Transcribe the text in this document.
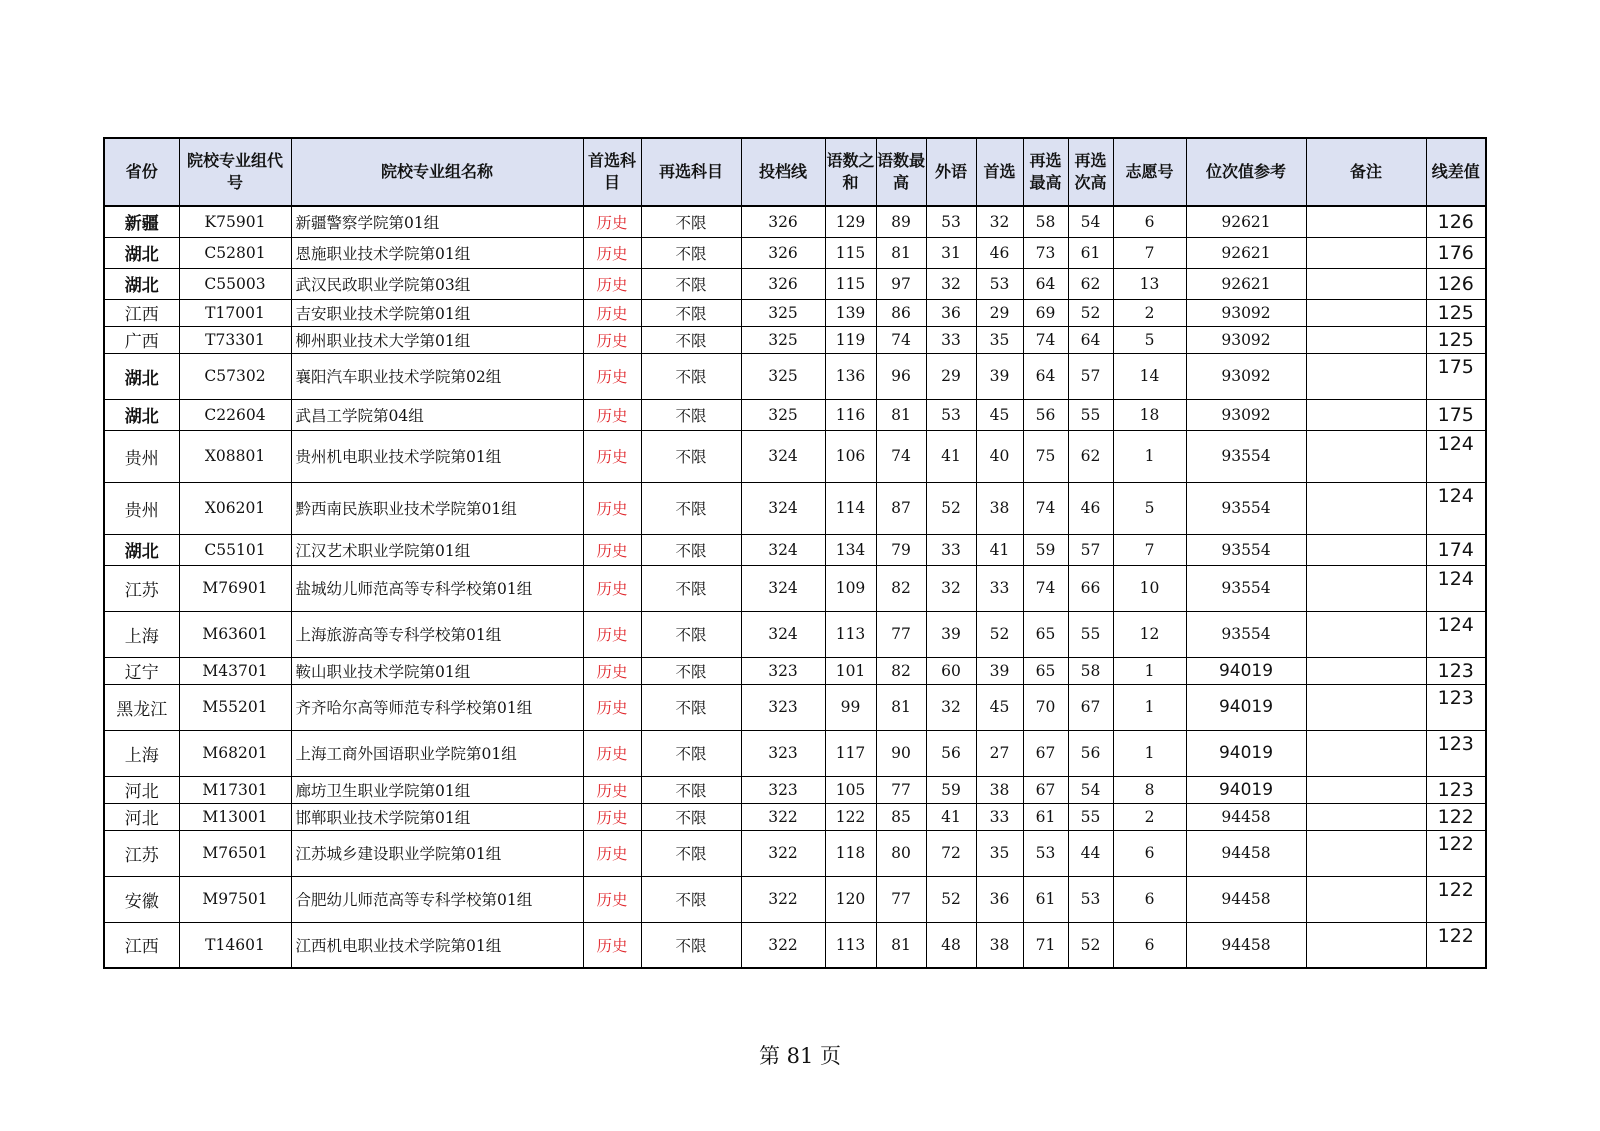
省份	院校专业组代号	院校专业组名称	首选科目	再选科目	投档线	语数之和	语数最高	外语	首选	再选最高	再选次高	志愿号	位次值参考	备注	线差值
新疆	K75901	新疆警察学院第01组	历史	不限	326	129	89	53	32	58	54	6	92621		126
湖北	C52801	恩施职业技术学院第01组	历史	不限	326	115	81	31	46	73	61	7	92621		176
湖北	C55003	武汉民政职业学院第03组	历史	不限	326	115	97	32	53	64	62	13	92621		126
江西	T17001	吉安职业技术学院第01组	历史	不限	325	139	86	36	29	69	52	2	93092		125
广西	T73301	柳州职业技术大学第01组	历史	不限	325	119	74	33	35	74	64	5	93092		125
湖北	C57302	襄阳汽车职业技术学院第02组	历史	不限	325	136	96	29	39	64	57	14	93092		175
湖北	C22604	武昌工学院第04组	历史	不限	325	116	81	53	45	56	55	18	93092		175
贵州	X08801	贵州机电职业技术学院第01组	历史	不限	324	106	74	41	40	75	62	1	93554		124
贵州	X06201	黔西南民族职业技术学院第01组	历史	不限	324	114	87	52	38	74	46	5	93554		124
湖北	C55101	江汉艺术职业学院第01组	历史	不限	324	134	79	33	41	59	57	7	93554		174
江苏	M76901	盐城幼儿师范高等专科学校第01组	历史	不限	324	109	82	32	33	74	66	10	93554		124
上海	M63601	上海旅游高等专科学校第01组	历史	不限	324	113	77	39	52	65	55	12	93554		124
辽宁	M43701	鞍山职业技术学院第01组	历史	不限	323	101	82	60	39	65	58	1	94019		123
黑龙江	M55201	齐齐哈尔高等师范专科学校第01组	历史	不限	323	99	81	32	45	70	67	1	94019		123
上海	M68201	上海工商外国语职业学院第01组	历史	不限	323	117	90	56	27	67	56	1	94019		123
河北	M17301	廊坊卫生职业学院第01组	历史	不限	323	105	77	59	38	67	54	8	94019		123
河北	M13001	邯郸职业技术学院第01组	历史	不限	322	122	85	41	33	61	55	2	94458		122
江苏	M76501	江苏城乡建设职业学院第01组	历史	不限	322	118	80	72	35	53	44	6	94458		122
安徽	M97501	合肥幼儿师范高等专科学校第01组	历史	不限	322	120	77	52	36	61	53	6	94458		122
江西	T14601	江西机电职业技术学院第01组	历史	不限	322	113	81	48	38	71	52	6	94458		122
第 81 页
